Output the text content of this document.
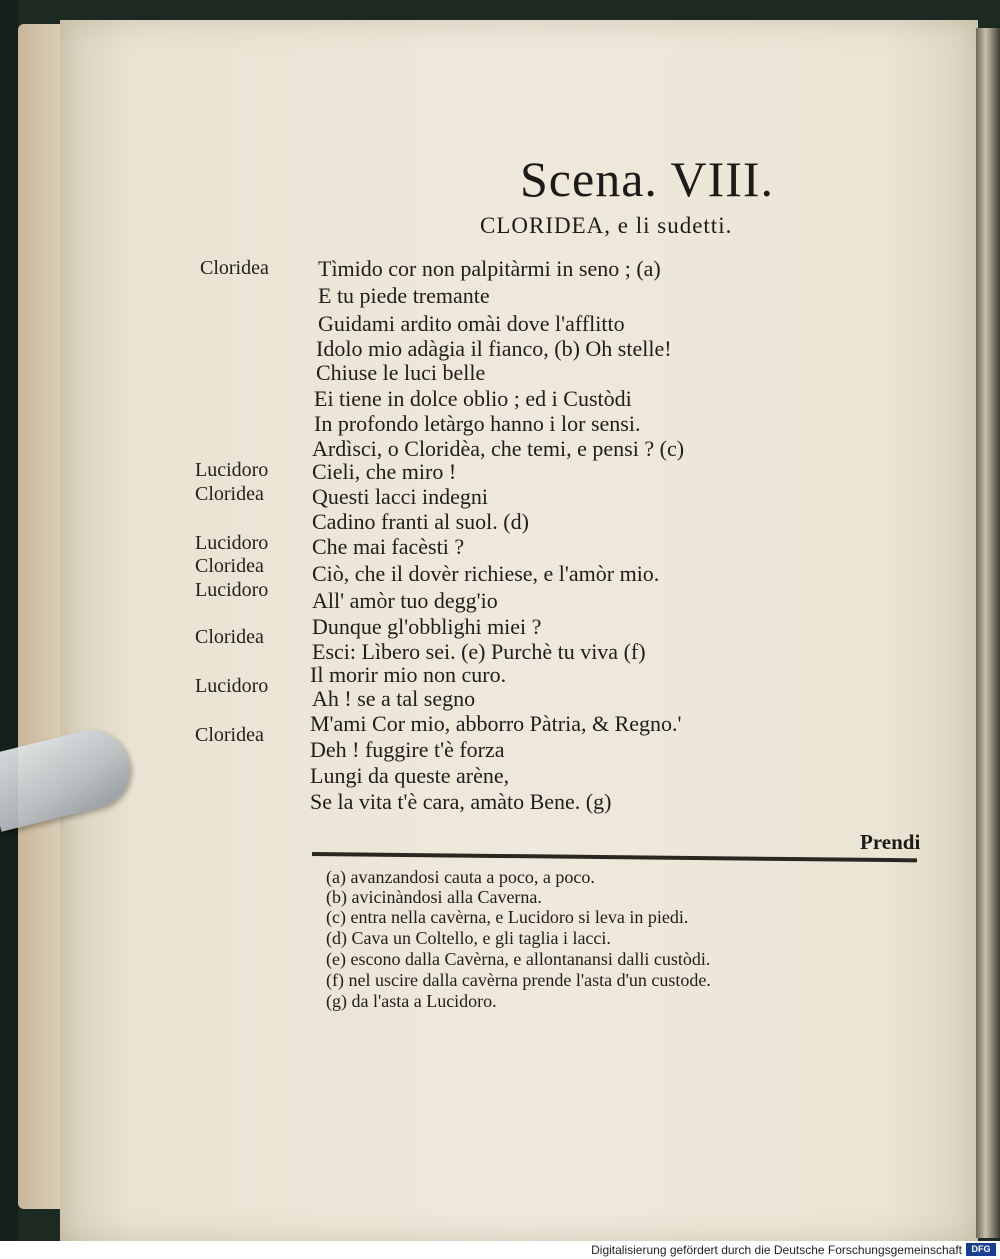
Scena. VIII.
CLORIDEA, e li sudetti.
Cloridea
Lucidoro
Cloridea
Lucidoro
Cloridea
Lucidoro
Cloridea
Lucidoro
Cloridea
Tìmido cor non palpitàrmi in seno ; (a)
E tu piede tremante
Guidami ardito omài dove l'afflitto
Idolo mio adàgia il fianco, (b) Oh stelle!
Chiuse le luci belle
Ei tiene in dolce oblio ; ed i Custòdi
In profondo letàrgo hanno i lor sensi.
Ardìsci, o Cloridèa, che temi, e pensi ? (c)
Cieli, che miro !
Questi lacci indegni
Cadino franti al suol. (d)
Che mai facèsti ?
Ciò, che il dovèr richiese, e l'amòr mio.
All' amòr tuo degg'io
Dunque gl'obblighi miei ?
Esci: Lìbero sei. (e) Purchè tu viva (f)
Il morir mio non curo.
Ah ! se a tal segno
M'ami Cor mio, abborro Pàtria, & Regno.'
Deh ! fuggire t'è forza
Lungi da queste arène,
Se la vita t'è cara, amàto Bene. (g)
Prendi
(a) avanzandosi cauta a poco, a poco.
(b) avicinàndosi alla Caverna.
(c) entra nella cavèrna, e Lucidoro si leva in piedi.
(d) Cava un Coltello, e gli taglia i lacci.
(e) escono dalla Cavèrna, e allontanansi dalli custòdi.
(f) nel uscire dalla cavèrna prende l'asta d'un custode.
(g) da l'asta a Lucidoro.
Digitalisierung gefördert durch die Deutsche Forschungsgemeinschaft	DFG
